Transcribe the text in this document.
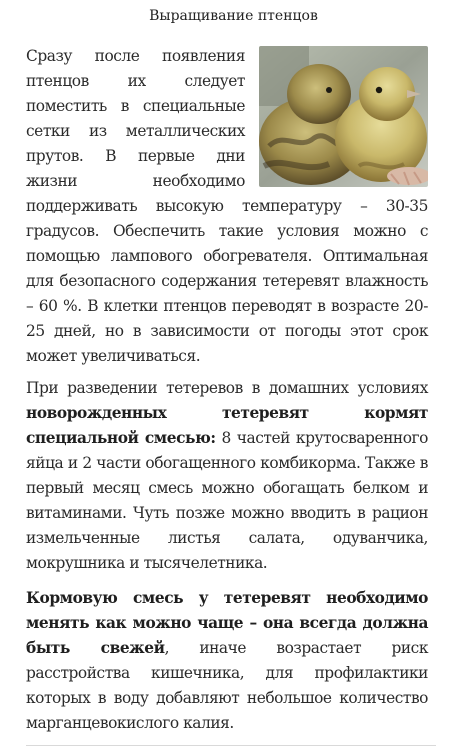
Выращивание птенцов

Сразу после появления птенцов их следует поместить в специальные сетки из металлических прутов. В первые дни жизни необходимо поддерживать высокую температуру – 30-35 градусов. Обеспечить такие условия можно с помощью лампового обогревателя. Оптимальная для безопасного содержания тетеревят влажность – 60 %. В клетки птенцов переводят в возрасте 20-25 дней, но в зависимости от погоды этот срок может увеличиваться.

При разведении тетеревов в домашних условиях новорожденных тетеревят кормят специальной смесью: 8 частей крутосваренного яйца и 2 части обогащенного комбикорма. Также в первый месяц смесь можно обогащать белком и витаминами. Чуть позже можно вводить в рацион измельченные листья салата, одуванчика, мокрушника и тысячелетника.

Кормовую смесь у тетеревят необходимо менять как можно чаще – она всегда должна быть свежей, иначе возрастает риск расстройства кишечника, для профилактики которых в воду добавляют небольшое количество марганцевокислого калия.
